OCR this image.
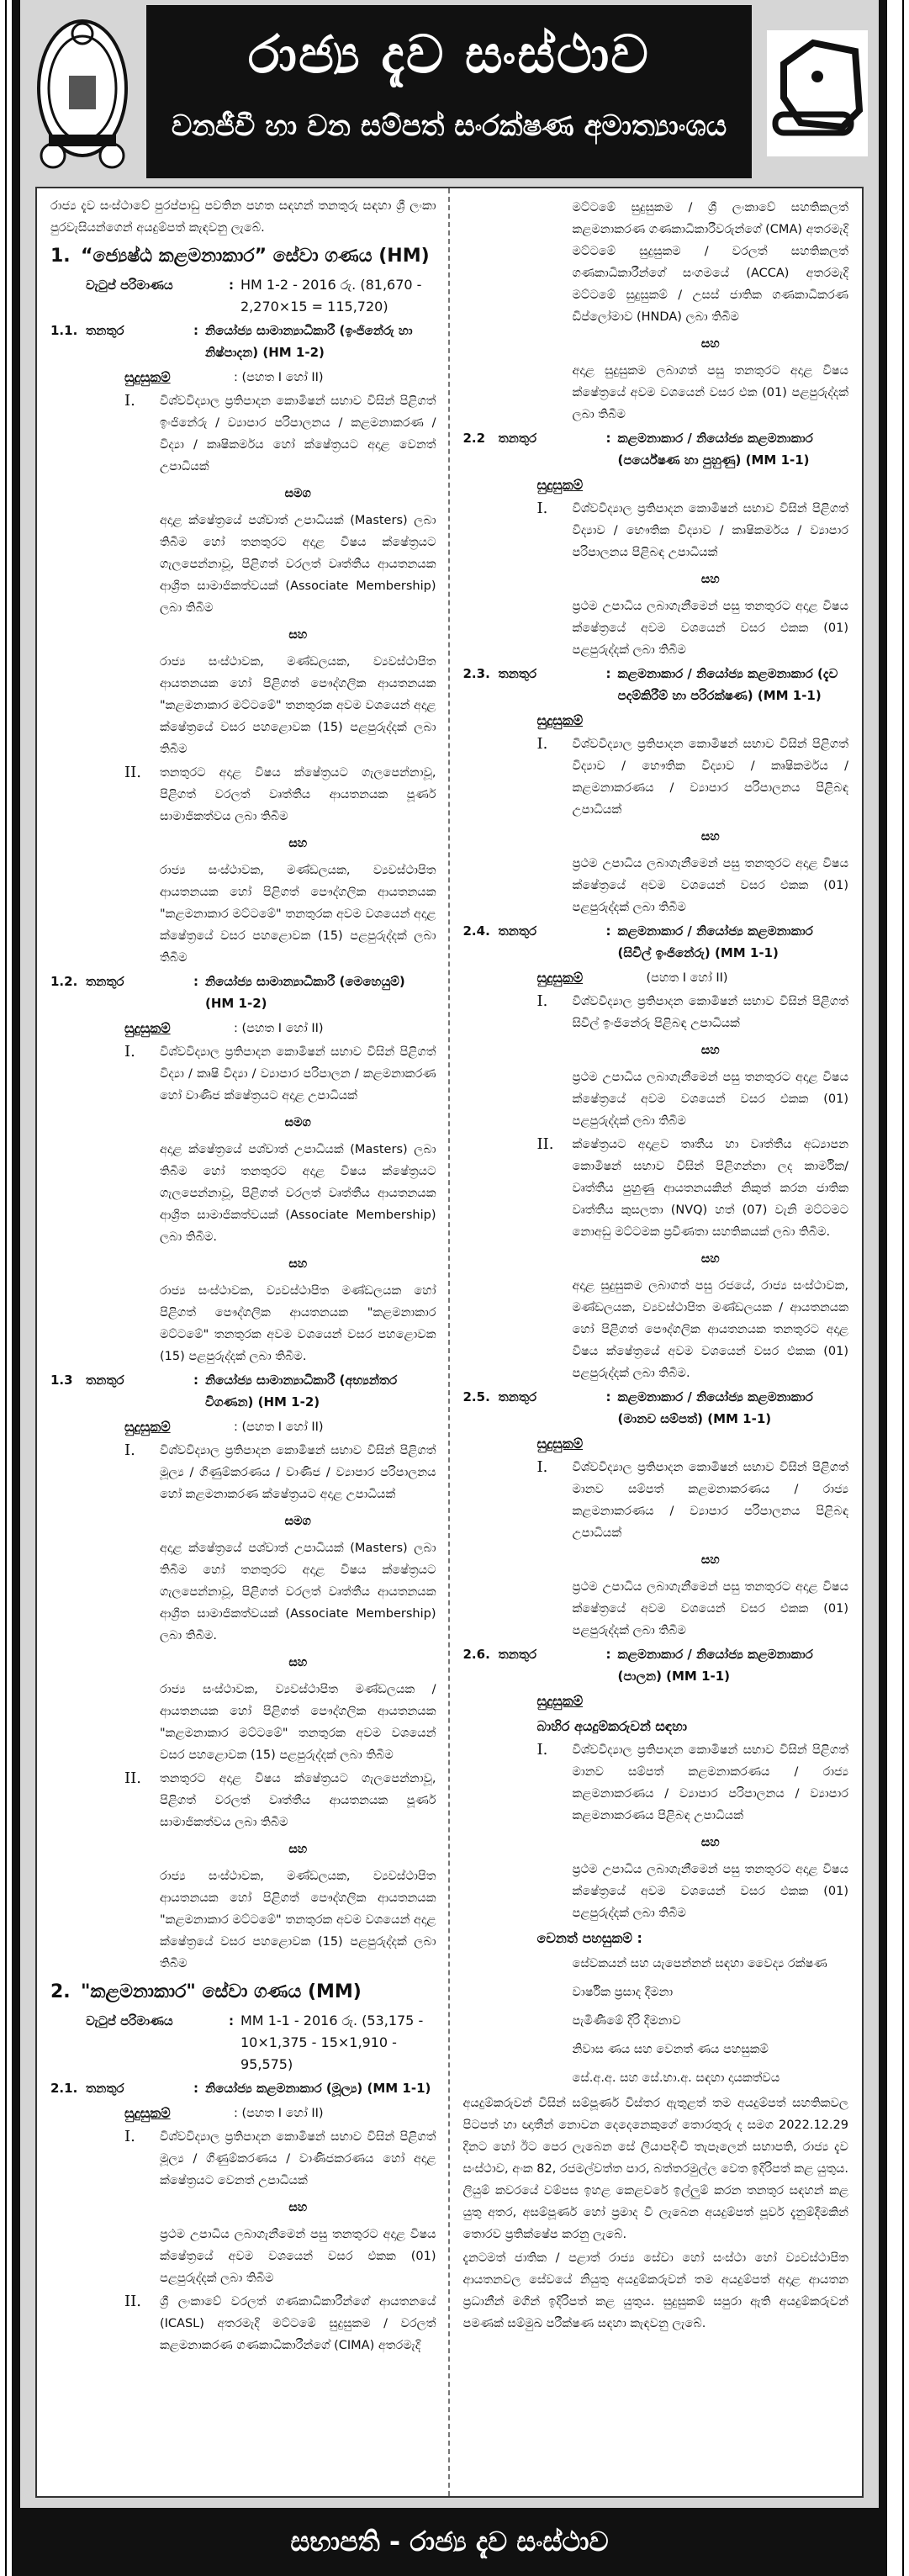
රාජ්‍ය දැව සංස්ථාව
වනජීවී හා වන සම්පත් සංරක්ෂණ අමාත්‍යාංශය
රාජ්‍ය දැව සංස්ථාවේ පුරප්පාඩු පවතින පහත සඳහන් තනතුරු සඳහා ශ්‍රී ලංකා පුරවැසියන්ගෙන් අයදුම්පත් කැඳවනු ලැබේ.
1. “ජ්‍යෙෂ්ඨ කළමනාකාර” සේවා ගණය (HM)
වැටුප් පරිමාණය	: HM 1-2 - 2016 රු. (81,670 - 2,270×15 = 115,720)
1.1. තනතුර	: නියෝජ්‍ය සාමාන්‍යාධිකාරී (ඉංජිනේරු හා නිෂ්පාදන) (HM 1-2)
සුදුසුකම්	: (පහත I හෝ II)
I.	විශ්වවිද්‍යාල ප්‍රතිපාදන කොමිෂන් සභාව විසින් පිළිගත් ඉංජිනේරු / ව්‍යාපාර පරිපාලනය / කළමනාකරණ / විද්‍යා / කෘෂිකර්මය හෝ ක්ෂේත්‍රයට අදාළ වෙනත් උපාධියක්
සමග
අදාළ ක්ෂේත්‍රයේ පශ්චාත් උපාධියක් (Masters) ලබා තිබීම හෝ තනතුරට අදාළ විෂය ක්ෂේත්‍රයට ගැලපෙන්නාවූ, පිළිගත් වරලත් වෘත්තීය ආයතනයක ආශ්‍රිත සාමාජිකත්වයක් (Associate Membership) ලබා තිබීම
සහ
රාජ්‍ය සංස්ථාවක, මණ්ඩලයක, ව්‍යවස්ථාපිත ආයතනයක හෝ පිළිගත් පෞද්ගලික ආයතනයක "කළමනාකාර මට්ටමේ" තනතුරක අවම වශයෙන් අදාළ ක්ෂේත්‍රයේ වසර පහළොවක (15) පළපුරුද්දක් ලබා තිබීම
II.	තනතුරට අදාළ විෂය ක්ෂේත්‍රයට ගැලපෙන්නාවූ, පිළිගත් වරලත් වෘත්තීය ආයතනයක පූර්ණ සාමාජිකත්වය ලබා තිබීම
සහ
රාජ්‍ය සංස්ථාවක, මණ්ඩලයක, ව්‍යවස්ථාපිත ආයතනයක හෝ පිළිගත් පෞද්ගලික ආයතනයක "කළමනාකාර මට්ටමේ" තනතුරක අවම වශයෙන් අදාළ ක්ෂේත්‍රයේ වසර පහළොවක (15) පළපුරුද්දක් ලබා තිබීම
1.2. තනතුර	: නියෝජ්‍ය සාමාන්‍යාධිකාරී (මෙහෙයුම්) (HM 1-2)
සුදුසුකම්	: (පහත I හෝ II)
I.	විශ්වවිද්‍යාල ප්‍රතිපාදන කොමිෂන් සභාව විසින් පිළිගත් විද්‍යා / කෘෂි විද්‍යා / ව්‍යාපාර පරිපාලන / කළමනාකරණ හෝ වාණිජ ක්ෂේත්‍රයට අදාළ උපාධියක්
සමග
අදාළ ක්ෂේත්‍රයේ පශ්චාත් උපාධියක් (Masters) ලබා තිබීම හෝ තනතුරට අදාළ විෂය ක්ෂේත්‍රයට ගැලපෙන්නාවූ, පිළිගත් වරලත් වෘත්තීය ආයතනයක ආශ්‍රිත සාමාජිකත්වයක් (Associate Membership) ලබා තිබීම.
සහ
රාජ්‍ය සංස්ථාවක, ව්‍යවස්ථාපිත මණ්ඩලයක හෝ පිළිගත් පෞද්ගලික ආයතනයක "කළමනාකාර මට්ටමේ" තනතුරක අවම වශයෙන් වසර පහළොවක (15) පළපුරුද්දක් ලබා තිබීම.
1.3	තනතුර	: නියෝජ්‍ය සාමාන්‍යාධිකාරී (අභ්‍යන්තර විගණන) (HM 1-2)
සුදුසුකම්	: (පහත I හෝ II)
I.	විශ්වවිද්‍යාල ප්‍රතිපාදන කොමිෂන් සභාව විසින් පිළිගත් මූල්‍ය / ගිණුම්කරණය / වාණිජ / ව්‍යාපාර පරිපාලනය හෝ කළමනාකරණ ක්ෂේත්‍රයට අදාළ උපාධියක්
සමග
අදාළ ක්ෂේත්‍රයේ පශ්චාත් උපාධියක් (Masters) ලබා තිබීම හෝ තනතුරට අදාළ විෂය ක්ෂේත්‍රයට ගැලපෙන්නාවූ, පිළිගත් වරලත් වෘත්තීය ආයතනයක ආශ්‍රිත සාමාජිකත්වයක් (Associate Membership) ලබා තිබීම.
සහ
රාජ්‍ය සංස්ථාවක, ව්‍යවස්ථාපිත මණ්ඩලයක / ආයතනයක හෝ පිළිගත් පෞද්ගලික ආයතනයක "කළමනාකාර මට්ටමේ" තනතුරක අවම වශයෙන් වසර පහළොවක (15) පළපුරුද්දක් ලබා තිබීම
II.	තනතුරට අදාළ විෂය ක්ෂේත්‍රයට ගැලපෙන්නාවූ, පිළිගත් වරලත් වෘත්තීය ආයතනයක පූර්ණ සාමාජිකත්වය ලබා තිබීම
සහ
රාජ්‍ය සංස්ථාවක, මණ්ඩලයක, ව්‍යවස්ථාපිත ආයතනයක හෝ පිළිගත් පෞද්ගලික ආයතනයක "කළමනාකාර මට්ටමේ" තනතුරක අවම වශයෙන් අදාළ ක්ෂේත්‍රයේ වසර පහළොවක (15) පළපුරුද්දක් ලබා තිබීම
2. "කළමනාකාර" සේවා ගණය (MM)
වැටුප් පරිමාණය	: MM 1-1 - 2016 රු. (53,175 - 10×1,375 - 15×1,910 - 95,575)
2.1. තනතුර	: නියෝජ්‍ය කළමනාකාර (මූල්‍ය) (MM 1-1)
සුදුසුකම්	: (පහත I හෝ II)
I.	විශ්වවිද්‍යාල ප්‍රතිපාදන කොමිෂන් සභාව විසින් පිළිගත් මූල්‍ය / ගිණුම්කරණය / වාණිජකරණය හෝ අදාළ ක්ෂේත්‍රයට වෙනත් උපාධියක්
සහ
ප්‍රථම උපාධිය ලබාගැනීමෙන් පසු තනතුරට අදාළ විෂය ක්ෂේත්‍රයේ අවම වශයෙන් වසර එකක (01) පළපුරුද්දක් ලබා තිබීම
II.	ශ්‍රී ලංකාවේ වරලත් ගණකාධිකාරීන්ගේ ආයතනයේ (ICASL) අතරමැදි මට්ටමේ සුදුසුකම / වරලත් කළමනාකරණ ගණකාධිකාරීන්ගේ (CIMA) අතරමැදි
මට්ටමේ සුදුසුකම / ශ්‍රී ලංකාවේ සහතිකලත් කළමනාකරණ ගණකාධිකාරීවරුන්ගේ (CMA) අතරමැදි මට්ටමේ සුදුසුකම / වරලත් සහතිකලත් ගණකාධිකාරීන්ගේ සංගමයේ (ACCA) අතරමැදි මට්ටමේ සුදුසුකම් / උසස් ජාතික ගණකාධිකරණ ඩිප්ලෝමාව (HNDA) ලබා තිබීම
සහ
අදාළ සුදුසුකම ලබාගත් පසු තනතුරට අදාළ විෂය ක්ෂේත්‍රයේ අවම වශයෙන් වසර එක (01) පළපුරුද්දක් ලබා තිබීම
2.2	තනතුර	: කළමනාකාර / නියෝජ්‍ය කළමනාකාර (පර්යේෂණ හා පුහුණු) (MM 1-1)
සුදුසුකම්
I.	විශ්වවිද්‍යාල ප්‍රතිපාදන කොමිෂන් සභාව විසින් පිළිගත් විද්‍යාව / භෞතික විද්‍යාව / කෘෂිකර්මය / ව්‍යාපාර පරිපාලනය පිළිබඳ උපාධියක්
සහ
ප්‍රථම උපාධිය ලබාගැනීමෙන් පසු තනතුරට අදාළ විෂය ක්ෂේත්‍රයේ අවම වශයෙන් වසර එකක (01) පළපුරුද්දක් ලබා තිබීම
2.3. තනතුර	: කළමනාකාර / නියෝජ්‍ය කළමනාකාර (දැව පදම්කිරීම් හා පරිරක්ෂණ) (MM 1-1)
සුදුසුකම්
I.	විශ්වවිද්‍යාල ප්‍රතිපාදන කොමිෂන් සභාව විසින් පිළිගත් විද්‍යාව / භෞතික විද්‍යාව / කෘෂිකර්මය / කළමනාකරණය / ව්‍යාපාර පරිපාලනය පිළිබඳ උපාධියක්
සහ
ප්‍රථම උපාධිය ලබාගැනීමෙන් පසු තනතුරට අදාළ විෂය ක්ෂේත්‍රයේ අවම වශයෙන් වසර එකක (01) පළපුරුද්දක් ලබා තිබීම
2.4. තනතුර	: කළමනාකාර / නියෝජ්‍ය කළමනාකාර (සිවිල් ඉංජිනේරු) (MM 1-1)
සුදුසුකම්	(පහත I හෝ II)
I.	විශ්වවිද්‍යාල ප්‍රතිපාදන කොමිෂන් සභාව විසින් පිළිගත් සිවිල් ඉංජිනේරු පිළිබඳ උපාධියක්
සහ
ප්‍රථම උපාධිය ලබාගැනීමෙන් පසු තනතුරට අදාළ විෂය ක්ෂේත්‍රයේ අවම වශයෙන් වසර එකක (01) පළපුරුද්දක් ලබා තිබීම
II.	ක්ෂේත්‍රයට අදාළව තෘතීය හා වෘත්තීය අධ්‍යාපන කොමිෂන් සභාව විසින් පිළිගන්නා ලද කාර්මික/ වෘත්තීය පුහුණු ආයතනයකින් නිකුත් කරන ජාතික වෘත්තීය කුසලතා (NVQ) හත් (07) වැනි මට්ටමට නොඅඩු මට්ටමක ප්‍රවීණතා සහතිකයක් ලබා තිබීම.
සහ
අදාළ සුදුසුකම ලබාගත් පසු රජයේ, රාජ්‍ය සංස්ථාවක, මණ්ඩලයක, ව්‍යවස්ථාපිත මණ්ඩලයක / ආයතනයක හෝ පිළිගත් පෞද්ගලික ආයතනයක තනතුරට අදාළ විෂය ක්ෂේත්‍රයේ අවම වශයෙන් වසර එකක (01) පළපුරුද්දක් ලබා තිබීම.
2.5. තනතුර	: කළමනාකාර / නියෝජ්‍ය කළමනාකාර (මානව සම්පත්) (MM 1-1)
සුදුසුකම්
I.	විශ්වවිද්‍යාල ප්‍රතිපාදන කොමිෂන් සභාව විසින් පිළිගත් මානව සම්පත් කළමනාකරණය / රාජ්‍ය කළමනාකරණය / ව්‍යාපාර පරිපාලනය පිළිබඳ උපාධියක්
සහ
ප්‍රථම උපාධිය ලබාගැනීමෙන් පසු තනතුරට අදාළ විෂය ක්ෂේත්‍රයේ අවම වශයෙන් වසර එකක (01) පළපුරුද්දක් ලබා තිබීම
2.6. තනතුර	: කළමනාකාර / නියෝජ්‍ය කළමනාකාර (පාලන) (MM 1-1)
සුදුසුකම්
බාහිර අයදුම්කරුවන් සඳහා
I.	විශ්වවිද්‍යාල ප්‍රතිපාදන කොමිෂන් සභාව විසින් පිළිගත් මානව සම්පත් කළමනාකරණය / රාජ්‍ය කළමනාකරණය / ව්‍යාපාර පරිපාලනය / ව්‍යාපාර කළමනාකරණය පිළිබඳ උපාධියක්
සහ
ප්‍රථම උපාධිය ලබාගැනීමෙන් පසු තනතුරට අදාළ විෂය ක්ෂේත්‍රයේ අවම වශයෙන් වසර එකක (01) පළපුරුද්දක් ලබා තිබීම
වෙනත් පහසුකම් :
සේවකයන් සහ යැපෙන්නන් සඳහා වෛද්‍ය රක්ෂණ
වාර්ෂික ප්‍රසාද දීමනා
පැමිණීමේ දිරි දීමනාව
නිවාස ණය සහ වෙනත් ණය පහසුකම්
සේ.අ.අ. සහ සේ.භා.අ. සඳහා දායකත්වය
අයදුම්කරුවන් විසින් සම්පූර්ණ විස්තර ඇතුළත් තම අයදුම්පත් සහතිකවල පිටපත් හා ඥාතීන් නොවන දෙදෙනෙකුගේ තොරතුරු ද සමග 2022.12.29 දිනට හෝ ඊට පෙර ලැබෙන සේ ලියාපදිංචි තැපෑලෙන් සභාපති, රාජ්‍ය දැව සංස්ථාව, අංක 82, රජමල්වත්ත පාර, බත්තරමුල්ල වෙත ඉදිරිපත් කළ යුතුය. ලියුම් කවරයේ වම්පස ඉහළ කෙළවරේ ඉල්ලුම් කරන තනතුර සඳහන් කළ යුතු අතර, අසම්පූර්ණ හෝ ප්‍රමාද වී ලැබෙන අයදුම්පත් පූර්ව දැනුම්දීමකින් තොරව ප්‍රතික්ෂේප කරනු ලැබේ.
දැනටමත් ජාතික / පළාත් රාජ්‍ය සේවා හෝ සංස්ථා හෝ ව්‍යවස්ථාපිත ආයතනවල සේවයේ නියුතු අයදුම්කරුවන් තම අයදුම්පත් අදාළ ආයතන ප්‍රධානීන් මගින් ඉදිරිපත් කළ යුතුය. සුදුසුකම් සපුරා ඇති අයදුම්කරුවන් පමණක් සම්මුඛ පරීක්ෂණ සඳහා කැඳවනු ලැබේ.
සභාපති - රාජ්‍ය දැව සංස්ථාව
